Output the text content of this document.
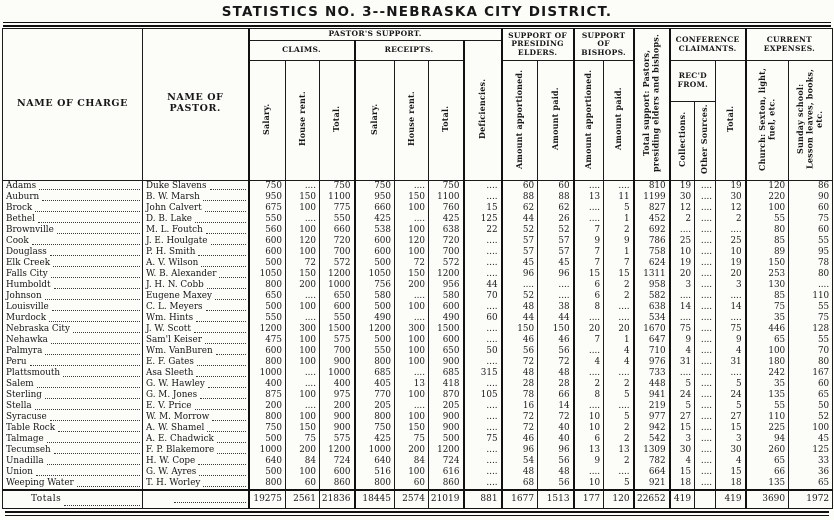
STATISTICS NO. 3--NEBRASKA CITY DISTRICT.
NAME OF CHARGE	NAME OF PASTOR.	PASTOR'S SUPPORT.							SUPPORT OF PRESIDING ELDERS.		SUPPORT OF BISHOPS.		Total support: Pastors, presiding elders and bishops.	CONFERENCE CLAIMANTS.			CURRENT EXPENSES.	
		CLAIMS.			RECEIPTS.			Deficiencies.										
		Salary.	House rent.	Total.	Salary.	House rent.	Total.		Amount apportioned.	Amount paid.	Amount apportioned.	Amount paid.		REC'D FROM.		Total.	Church: Sexton, light, fuel, etc.	Sunday school: Lesson leaves, books, etc.
														Collections.	Other Sources.			

Adams	Duke Slavens	750	....	750	750	....	750	....	60	60	....	....	810	19	....	19	120	86

Auburn	B. W. Marsh	950	150	1100	950	150	1100	....	88	88	13	11	1199	30	....	30	220	90

Brock	John Calvert	675	100	775	660	100	760	15	62	62	....	5	827	12	....	12	100	60

Bethel	D. B. Lake	550	....	550	425	....	425	125	44	26	....	1	452	2	....	2	55	75

Brownville	M. L. Foutch	560	100	660	538	100	638	22	52	52	7	2	692	....	....	....	80	60

Cook	J. E. Houlgate	600	120	720	600	120	720	....	57	57	9	9	786	25	....	25	85	55

Douglass	P. H. Smith	600	100	700	600	100	700	....	57	57	7	1	758	10	....	10	89	95

Elk Creek	A. V. Wilson	500	72	572	500	72	572	....	45	45	7	7	624	19	....	19	150	78

Falls City	W. B. Alexander	1050	150	1200	1050	150	1200	....	96	96	15	15	1311	20	....	20	253	80

Humboldt	J. H. N. Cobb	800	200	1000	756	200	956	44	....	....	6	2	958	3	....	3	130	....

Johnson	Eugene Maxey	650	....	650	580	....	580	70	52	....	6	2	582	....	....	....	85	110

Louisville	C. L. Meyers	500	100	600	500	100	600	....	48	38	8	....	638	14	....	14	75	55

Murdock	Wm. Hints	550	....	550	490	....	490	60	44	44	....	....	534	....	....	....	35	75

Nebraska City	J. W. Scott	1200	300	1500	1200	300	1500	....	150	150	20	20	1670	75	....	75	446	128

Nehawka	Sam'l Keiser	475	100	575	500	100	600	....	46	46	7	1	647	9	....	9	65	55

Palmyra	Wm. VanBuren	600	100	700	550	100	650	50	56	56	....	4	710	4	....	4	100	70

Peru	E. F. Gates	800	100	900	800	100	900	....	72	72	4	4	976	31	....	31	180	80

Plattsmouth	Asa Sleeth	1000	....	1000	685	....	685	315	48	48	....	....	733	....	....	....	242	167

Salem	G. W. Hawley	400	....	400	405	13	418	....	28	28	2	2	448	5	....	5	35	60

Sterling	G. M. Jones	875	100	975	770	100	870	105	78	66	8	5	941	24	....	24	135	65

Stella	E. V. Price	200	....	200	205	....	205	....	16	14	....	....	219	5	....	5	55	50

Syracuse	W. M. Morrow	800	100	900	800	100	900	....	72	72	10	5	977	27	....	27	110	52

Table Rock	A. W. Shamel	750	150	900	750	150	900	....	72	40	10	2	942	15	....	15	225	100

Talmage	A. E. Chadwick	500	75	575	425	75	500	75	46	40	6	2	542	3	....	3	94	45

Tecumseh	F. P. Blakemore	1000	200	1200	1000	200	1200	....	96	96	13	13	1309	30	....	30	260	125

Unadilla	H. W. Cope	640	84	724	640	84	724	....	54	56	9	2	782	4	....	4	65	33

Union	G. W. Ayres	500	100	600	516	100	616	....	48	48	....	....	664	15	....	15	66	36

Weeping Water	T. H. Worley	800	60	860	800	60	860	....	68	56	10	5	921	18	....	18	135	65

Totals		19275	2561	21836	18445	2574	21019	881	1677	1513	177	120	22652	419		419	3690	1972
